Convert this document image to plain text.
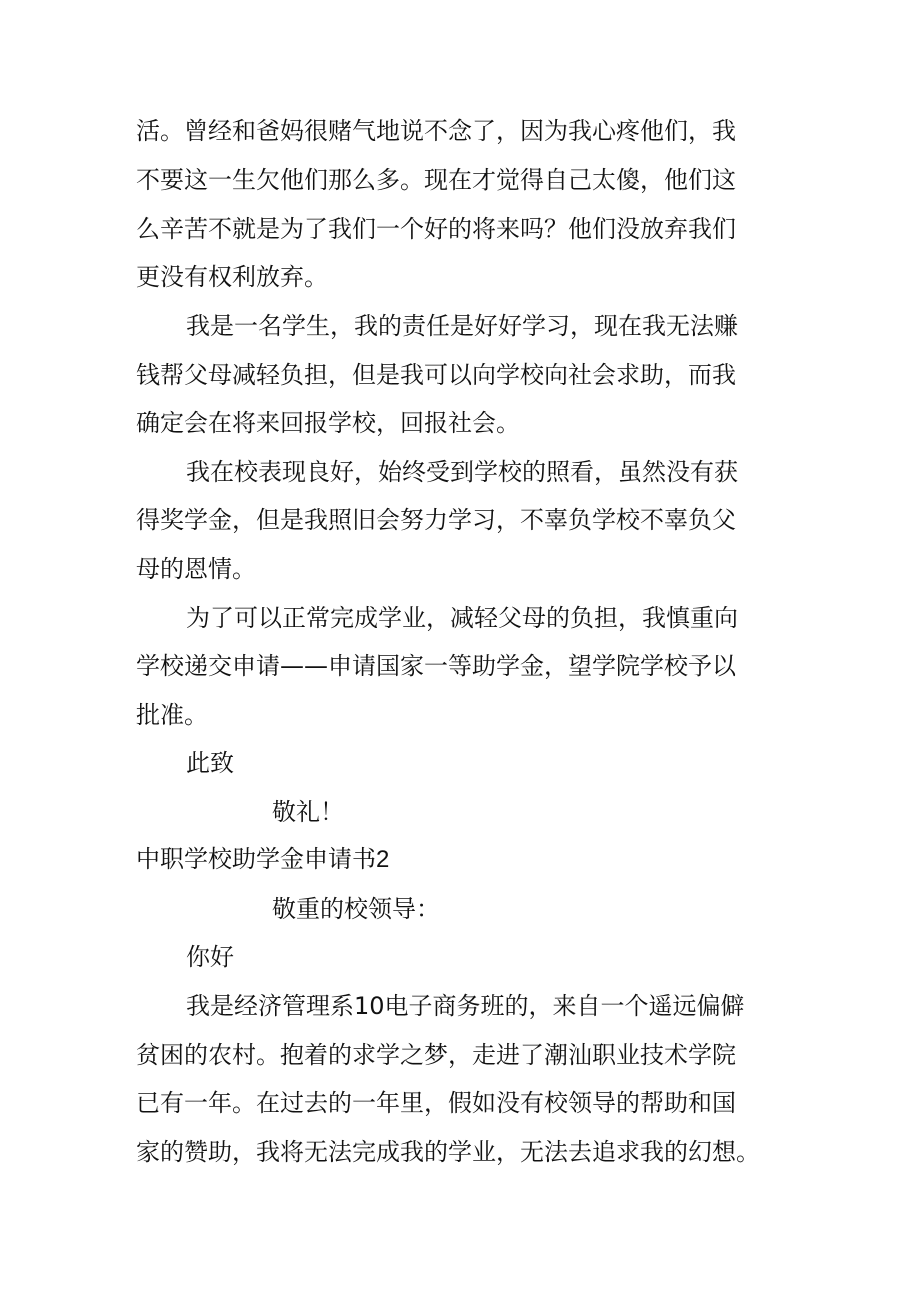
活。曾经和爸妈很赌气地说不念了，因为我心疼他们，我
不要这一生欠他们那么多。现在才觉得自己太傻，他们这
么辛苦不就是为了我们一个好的将来吗？他们没放弃我们
更没有权利放弃。
我是一名学生，我的责任是好好学习，现在我无法赚
钱帮父母减轻负担，但是我可以向学校向社会求助，而我
确定会在将来回报学校，回报社会。
我在校表现良好，始终受到学校的照看，虽然没有获
得奖学金，但是我照旧会努力学习，不辜负学校不辜负父
母的恩情。
为了可以正常完成学业，减轻父母的负担，我慎重向
学校递交申请——申请国家一等助学金，望学院学校予以
批准。
此致
敬礼！
中职学校助学金申请书2
敬重的校领导：
你好
我是经济管理系10电子商务班的，来自一个遥远偏僻
贫困的农村。抱着的求学之梦，走进了潮汕职业技术学院
已有一年。在过去的一年里，假如没有校领导的帮助和国
家的赞助，我将无法完成我的学业，无法去追求我的幻想。
